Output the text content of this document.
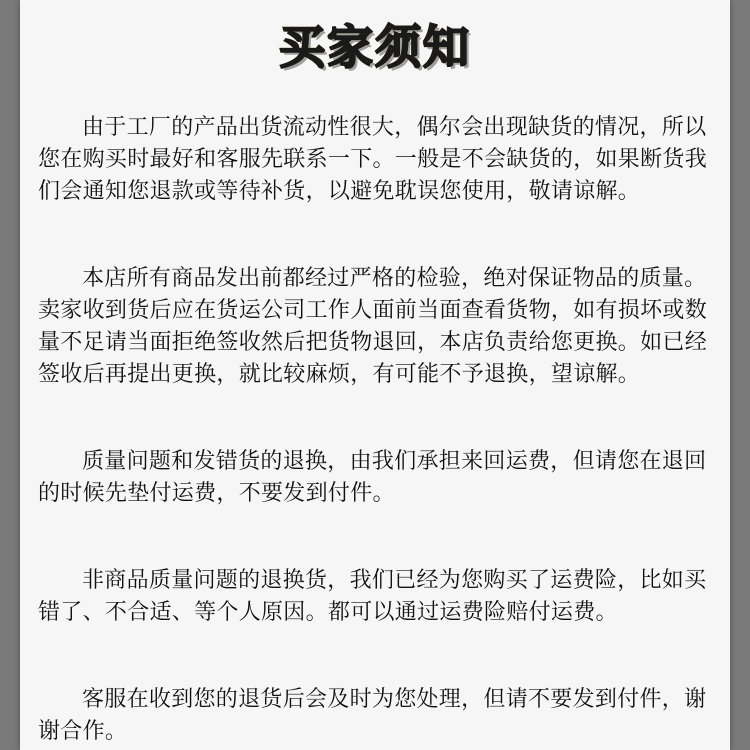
买家须知

由于工厂的产品出货流动性很大，偶尔会出现缺货的情况，所以您在购买时最好和客服先联系一下。一般是不会缺货的，如果断货我们会通知您退款或等待补货，以避免耽误您使用，敬请谅解。

本店所有商品发出前都经过严格的检验，绝对保证物品的质量。卖家收到货后应在货运公司工作人面前当面查看货物，如有损坏或数量不足请当面拒绝签收然后把货物退回，本店负责给您更换。如已经签收后再提出更换，就比较麻烦，有可能不予退换，望谅解。

质量问题和发错货的退换，由我们承担来回运费，但请您在退回的时候先垫付运费，不要发到付件。

非商品质量问题的退换货，我们已经为您购买了运费险，比如买错了、不合适、等个人原因。都可以通过运费险赔付运费。

客服在收到您的退货后会及时为您处理，但请不要发到付件，谢谢合作。
